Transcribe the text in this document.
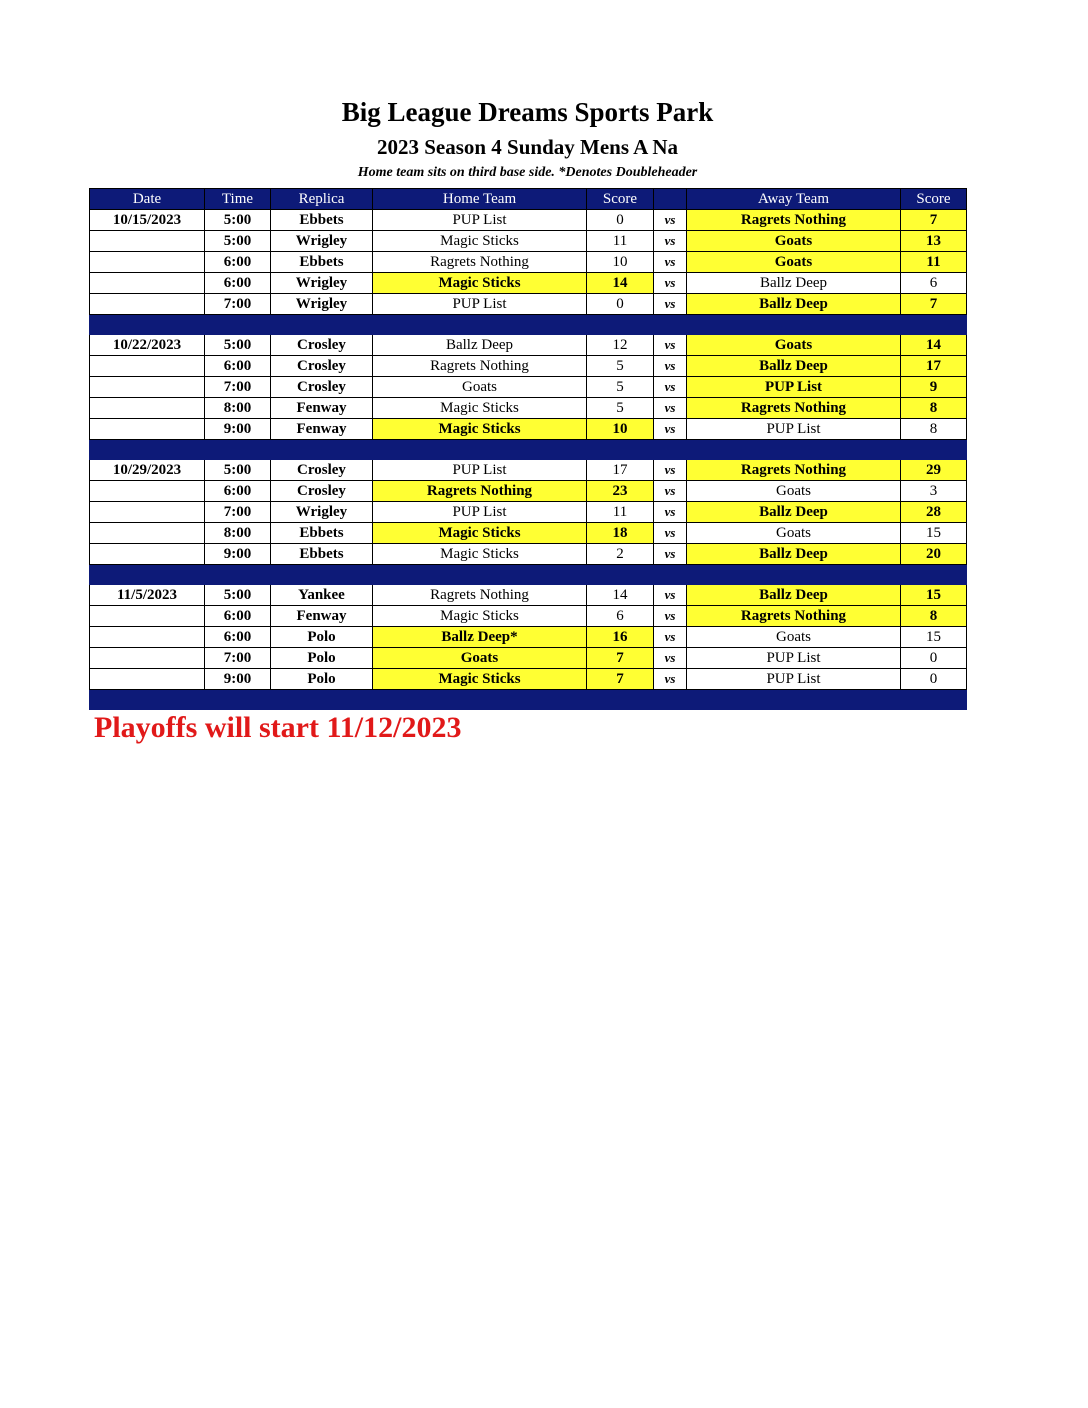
Big League Dreams Sports Park
2023 Season 4 Sunday Mens A Na
Home team sits on third base side. *Denotes Doubleheader
Date	Time	Replica	Home Team	Score		Away Team	Score
10/15/2023	5:00	Ebbets	PUP List	0	vs	Ragrets Nothing	7
	5:00	Wrigley	Magic Sticks	11	vs	Goats	13
	6:00	Ebbets	Ragrets Nothing	10	vs	Goats	11
	6:00	Wrigley	Magic Sticks	14	vs	Ballz Deep	6
	7:00	Wrigley	PUP List	0	vs	Ballz Deep	7

10/22/2023	5:00	Crosley	Ballz Deep	12	vs	Goats	14
	6:00	Crosley	Ragrets Nothing	5	vs	Ballz Deep	17
	7:00	Crosley	Goats	5	vs	PUP List	9
	8:00	Fenway	Magic Sticks	5	vs	Ragrets Nothing	8
	9:00	Fenway	Magic Sticks	10	vs	PUP List	8

10/29/2023	5:00	Crosley	PUP List	17	vs	Ragrets Nothing	29
	6:00	Crosley	Ragrets Nothing	23	vs	Goats	3
	7:00	Wrigley	PUP List	11	vs	Ballz Deep	28
	8:00	Ebbets	Magic Sticks	18	vs	Goats	15
	9:00	Ebbets	Magic Sticks	2	vs	Ballz Deep	20

11/5/2023	5:00	Yankee	Ragrets Nothing	14	vs	Ballz Deep	15
	6:00	Fenway	Magic Sticks	6	vs	Ragrets Nothing	8
	6:00	Polo	Ballz Deep*	16	vs	Goats	15
	7:00	Polo	Goats	7	vs	PUP List	0
	9:00	Polo	Magic Sticks	7	vs	PUP List	0

Playoffs will start 11/12/2023
